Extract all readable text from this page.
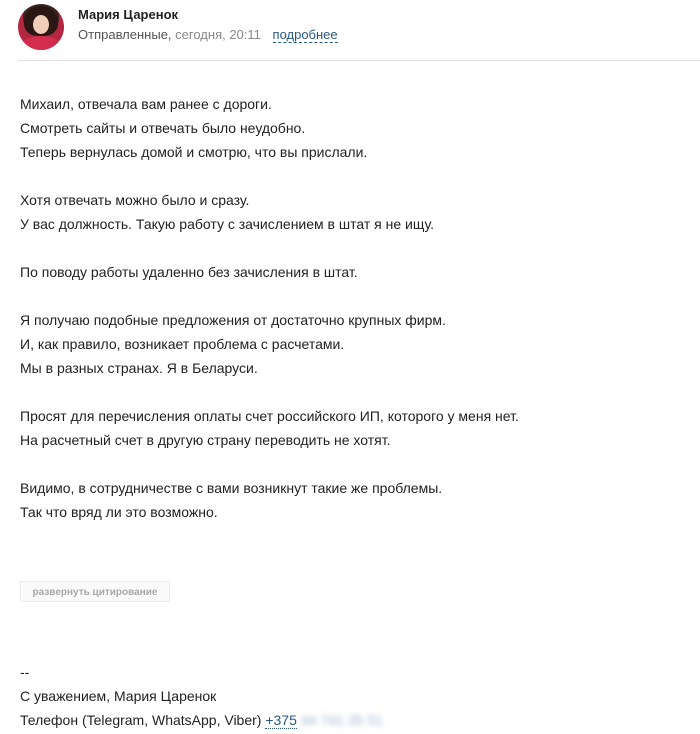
Мария Царенок
Отправленные, сегодня, 20:11 подробнее
Михаил, отвечала вам ранее с дороги.
Смотреть сайты и отвечать было неудобно.
Теперь вернулась домой и смотрю, что вы прислали.
Хотя отвечать можно было и сразу.
У вас должность. Такую работу с зачислением в штат я не ищу.
По поводу работы удаленно без зачисления в штат.
Я получаю подобные предложения от достаточно крупных фирм.
И, как правило, возникает проблема с расчетами.
Мы в разных странах. Я в Беларуси.
Просят для перечисления оплаты счет российского ИП, которого у меня нет.
На расчетный счет в другую страну переводить не хотят.
Видимо, в сотрудничестве с вами возникнут такие же проблемы.
Так что вряд ли это возможно.
развернуть цитирование
--
С уважением, Мария Царенок
Телефон (Telegram, WhatsApp, Viber) +375 44 741 35 51
